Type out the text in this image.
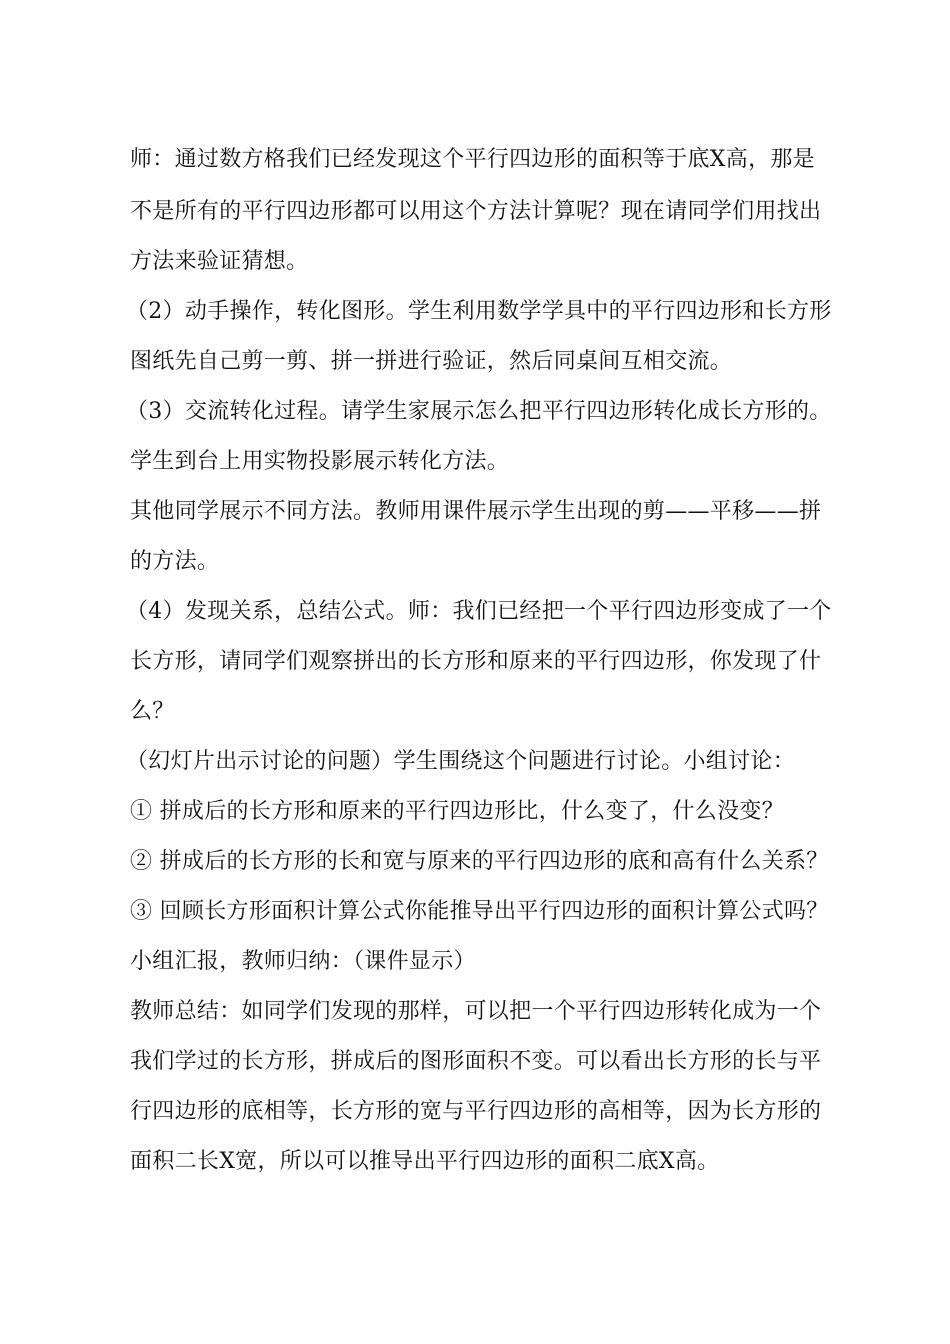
师：通过数方格我们已经发现这个平行四边形的面积等于底X高，那是
不是所有的平行四边形都可以用这个方法计算呢？现在请同学们用找出
方法来验证猜想。
（2）动手操作，转化图形。学生利用数学学具中的平行四边形和长方形
图纸先自己剪一剪、拼一拼进行验证，然后同桌间互相交流。
（3）交流转化过程。请学生家展示怎么把平行四边形转化成长方形的。
学生到台上用实物投影展示转化方法。
其他同学展示不同方法。教师用课件展示学生出现的剪——平移——拼
的方法。
（4）发现关系，总结公式。师：我们已经把一个平行四边形变成了一个
长方形，请同学们观察拼出的长方形和原来的平行四边形，你发现了什
么？
（幻灯片出示讨论的问题）学生围绕这个问题进行讨论。小组讨论：
① 拼成后的长方形和原来的平行四边形比，什么变了，什么没变？
② 拼成后的长方形的长和宽与原来的平行四边形的底和高有什么关系？
③ 回顾长方形面积计算公式你能推导出平行四边形的面积计算公式吗？
小组汇报，教师归纳：（课件显示）
教师总结：如同学们发现的那样，可以把一个平行四边形转化成为一个
我们学过的长方形，拼成后的图形面积不变。可以看出长方形的长与平
行四边形的底相等，长方形的宽与平行四边形的高相等，因为长方形的
面积二长X宽，所以可以推导出平行四边形的面积二底X高。
